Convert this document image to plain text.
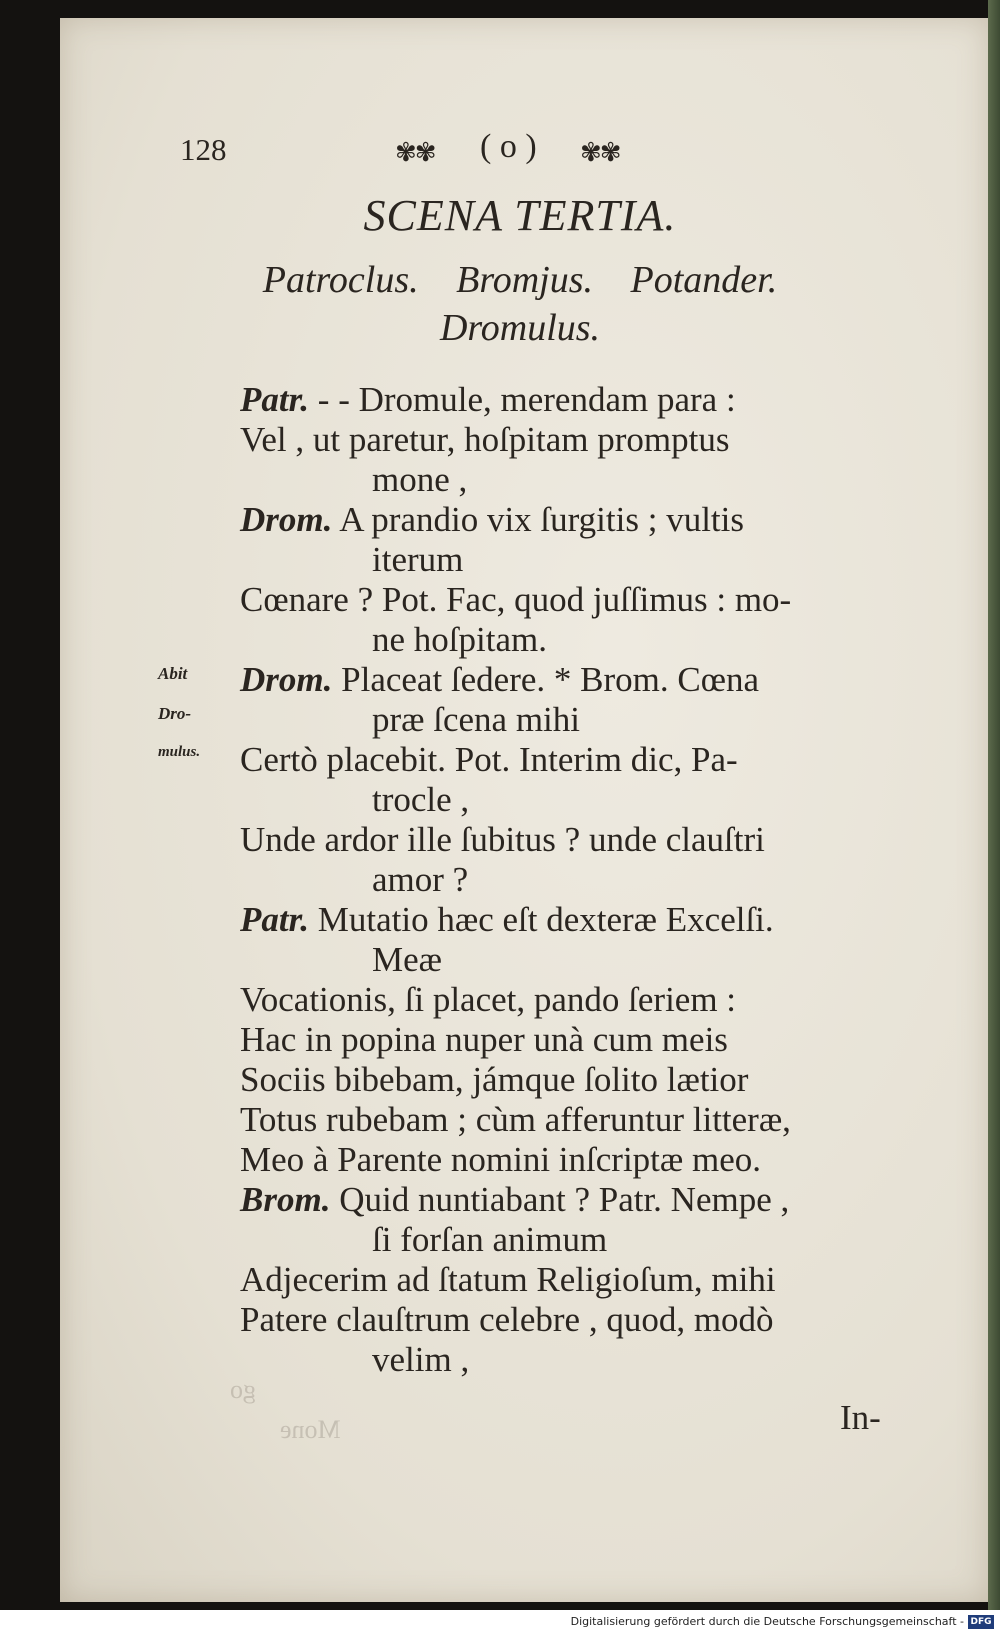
go
Mone
128	✾✾ ( o ) ✾✾
SCENA TERTIA.
Patroclus. Bromjus. Potander.
Dromulus.
Abit
Dro-
mulus.
Patr. - - Dromule, merendam para :
Vel , ut paretur, hoſpitam promptus
mone ,
Drom. A prandio vix ſurgitis ; vultis
iterum
Cœnare ? Pot. Fac, quod juſſimus : mo-
ne hoſpitam.
Drom. Placeat ſedere. * Brom. Cœna
præ ſcena mihi
Certò placebit. Pot. Interim dic, Pa-
trocle ,
Unde ardor ille ſubitus ? unde clauſtri
amor ?
Patr. Mutatio hæc eſt dexteræ Excelſi.
Meæ
Vocationis, ſi placet, pando ſeriem :
Hac in popina nuper unà cum meis
Sociis bibebam, jámque ſolito lætior
Totus rubebam ; cùm afferuntur litteræ,
Meo à Parente nomini inſcriptæ meo.
Brom. Quid nuntiabant ? Patr. Nempe ,
ſi forſan animum
Adjecerim ad ſtatum Religioſum, mihi
Patere clauſtrum celebre , quod, modò
velim ,
In-
Digitalisierung gefördert durch die Deutsche Forschungsgemeinschaft - DFG
